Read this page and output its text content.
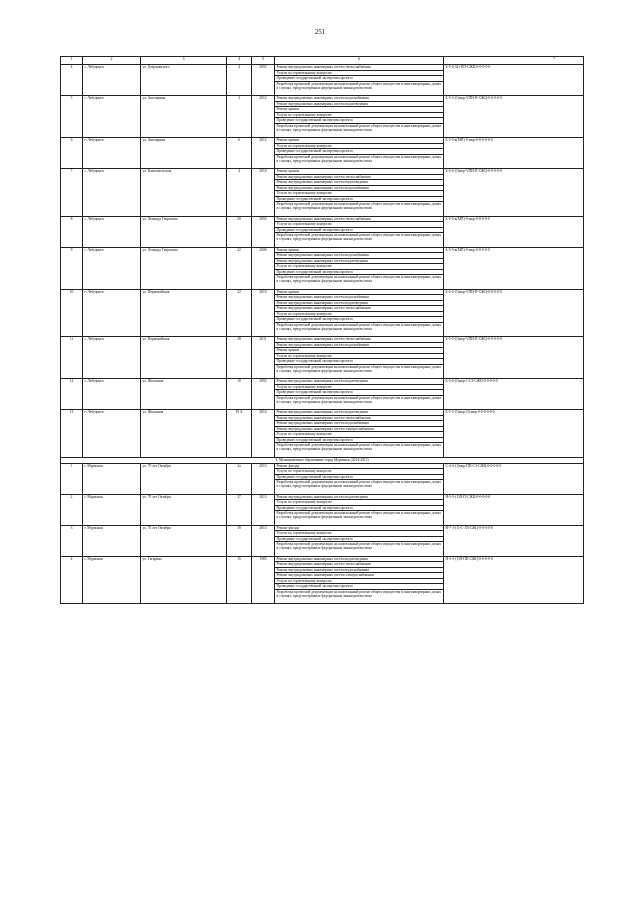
251
1	2	3	4	5	6	7
4	г. Лебединск	ул. Дзержинского	4	2002	Ремонт внутридомовых инженерных систем теплоснабжения	Б-5-1(34)-ПП-СЖЦ-0-0-0-0-0
					Услуги по строительному контролю	
					Проведение государственной экспертизы проекта	
					Разработка проектной документации на капитальный ремонт общего имущества в многоквартирных домах в случаях, предусмотренных федеральным законодательством	
5	г. Лебединск	ул. Заполярная	3	2012	Ремонт внутридомовых инженерных систем водоснабжения	Б-5-3-(1)мкр-VПН-П-СЖЦ-0-0-0-0-0
					Ремонт внутридомовых инженерных систем водоотведения	
					Ремонт крыши	
					Услуги по строительному контролю	
					Проведение государственной экспертизы проекта	
					Разработка проектной документации на капитальный ремонт общего имущества в многоквартирных домах в случаях, предусмотренных федеральным законодательством	
6	г. Лебединск	ул. Заполярная	6	2012	Ремонт крыши	Б-5-3-к(МП)-0-мкр-0-0-0-0-0-0
					Услуги по строительному контролю	
					Проведение государственной экспертизы проекта	
					Разработка проектной документации на капитальный ремонт общего имущества в многоквартирных домах в случаях, предусмотренных федеральным законодательством	
7	г. Лебединск	ул. Комсомольская	4	2010	Ремонт крыши	Б-4-4-(1)мкр-VПН-П-СЖЦ-0-0-0-0-0
					Ремонт внутридомовых инженерных систем теплоснабжения	
					Ремонт внутридомовых инженерных систем водоотведения	
					Ремонт внутридомовых инженерных систем водоснабжения	
					Услуги по строительному контролю	
					Проведение государственной экспертизы проекта	
					Разработка проектной документации на капитальный ремонт общего имущества в многоквартирных домах в случаях, предусмотренных федеральным законодательством	
8	г. Лебединск	ул. Леонида Гаврилова	20	2005	Ремонт внутридомовых инженерных систем теплоснабжения	Б-5-3-к(МП)-0-мкр-0-0-0-0-0
					Услуги по строительному контролю	
					Проведение государственной экспертизы проекта	
					Разработка проектной документации на капитальный ремонт общего имущества в многоквартирных домах в случаях, предусмотренных федеральным законодательством	
9	г. Лебединск	ул. Леонида Гаврилова	22	2006	Ремонт крыши	Б-5-3-к(МП)-0-мкр-0-0-0-0-0
					Ремонт внутридомовых инженерных систем водоснабжения	
					Ремонт внутридомовых инженерных систем водоотведения	
					Услуги по строительному контролю	
					Проведение государственной экспертизы проекта	
					Разработка проектной документации на капитальный ремонт общего имущества в многоквартирных домах в случаях, предусмотренных федеральным законодательством	
10	г. Лебединск	ул. Первомайская	22	2010	Ремонт крыши	Б-4-4-(1)мкр-VПН-П-СЖЦ-0-0-0-0-0
					Ремонт внутридомовых инженерных систем водоснабжения	
					Ремонт внутридомовых инженерных систем водоотведения	
					Ремонт внутридомовых инженерных систем теплоснабжения	
					Услуги по строительному контролю	
					Проведение государственной экспертизы проекта	
					Разработка проектной документации на капитальный ремонт общего имущества в многоквартирных домах в случаях, предусмотренных федеральным законодательством	
11	г. Лебединск	ул. Первомайская	28	2011	Ремонт внутридомовых инженерных систем теплоснабжения	Б-5-3-(1)мкр-VПН-П-СЖЦ-0-0-0-0-0
					Ремонт внутридомовых инженерных систем водоснабжения	
					Ремонт крыши	
					Услуги по строительному контролю	
					Проведение государственной экспертизы проекта	
					Разработка проектной документации на капитальный ремонт общего имущества в многоквартирных домах в случаях, предусмотренных федеральным законодательством	
12	г. Лебединск	ул. Школьная	10	2002	Ремонт внутридомовых инженерных систем водоотведения	Б-3-4-(1)мкр-1-СЗ-СЖЦ-0-0-0-0-0
					Услуги по строительному контролю	
					Проведение государственной экспертизы проекта	
					Разработка проектной документации на капитальный ремонт общего имущества в многоквартирных домах в случаях, предусмотренных федеральным законодательством	
13	г. Лебединск	ул. Школьная	19 А	2014	Ремонт внутридомовых инженерных систем водоотведения	Б-5-3-(1)мкр-10-мкр-0-0-0-0-0-0
					Ремонт внутридомовых инженерных систем теплоснабжения	
					Ремонт внутридомовых инженерных систем водоснабжения	
					Ремонт внутридомовых инженерных систем электроснабжения	
					Услуги по строительному контролю	
					Проведение государственной экспертизы проекта	
					Разработка проектной документации на капитальный ремонт общего имущества в многоквартирных домах в случаях, предусмотренных федеральным законодательством	
3. Муниципальное образование город Мурманск (2014-2015)						
1	г. Мурманск	ул. 70 лет Октября	2а	2013	Ремонт фасада	С-4-4-(1)мкр-ПП-СЗ-СЖЦ-0-0-0-0-0
					Услуги по строительному контролю	
					Проведение государственной экспертизы проекта	
					Разработка проектной документации на капитальный ремонт общего имущества в многоквартирных домах в случаях, предусмотренных федеральным законодательством	
2	г. Мурманск	ул. 70 лет Октября	37	2013	Ремонт внутридомовых инженерных систем водоотведения	Н-5-5-(1)П-П-СЖЦ-0-0-0-0-0
					Услуги по строительному контролю	
					Проведение государственной экспертизы проекта	
					Разработка проектной документации на капитальный ремонт общего имущества в многоквартирных домах в случаях, предусмотренных федеральным законодательством	
3	г. Мурманск	ул. 70 лет Октября	39	2013	Ремонт фасада	Н-7-1-(1)-С-ЛЗ-СЖЦ-0-0-0-0-0
					Услуги по строительному контролю	
					Проведение государственной экспертизы проекта	
					Разработка проектной документации на капитальный ремонт общего имущества в многоквартирных домах в случаях, предусмотренных федеральным законодательством	
4	г. Мурманск	ул. Гагарина	15	1985	Ремонт внутридомовых инженерных систем водоотведения	Н-5-5-(1)П-ПП-СЖЦ-0-0-0-0-0
					Ремонт внутридомовых инженерных систем теплоснабжения	
					Ремонт внутридомовых инженерных систем водоснабжения	
					Ремонт внутридомовых инженерных систем электроснабжения	
					Услуги по строительному контролю	
					Проведение государственной экспертизы проекта	
					Разработка проектной документации на капитальный ремонт общего имущества в многоквартирных домах в случаях, предусмотренных федеральным законодательством	
